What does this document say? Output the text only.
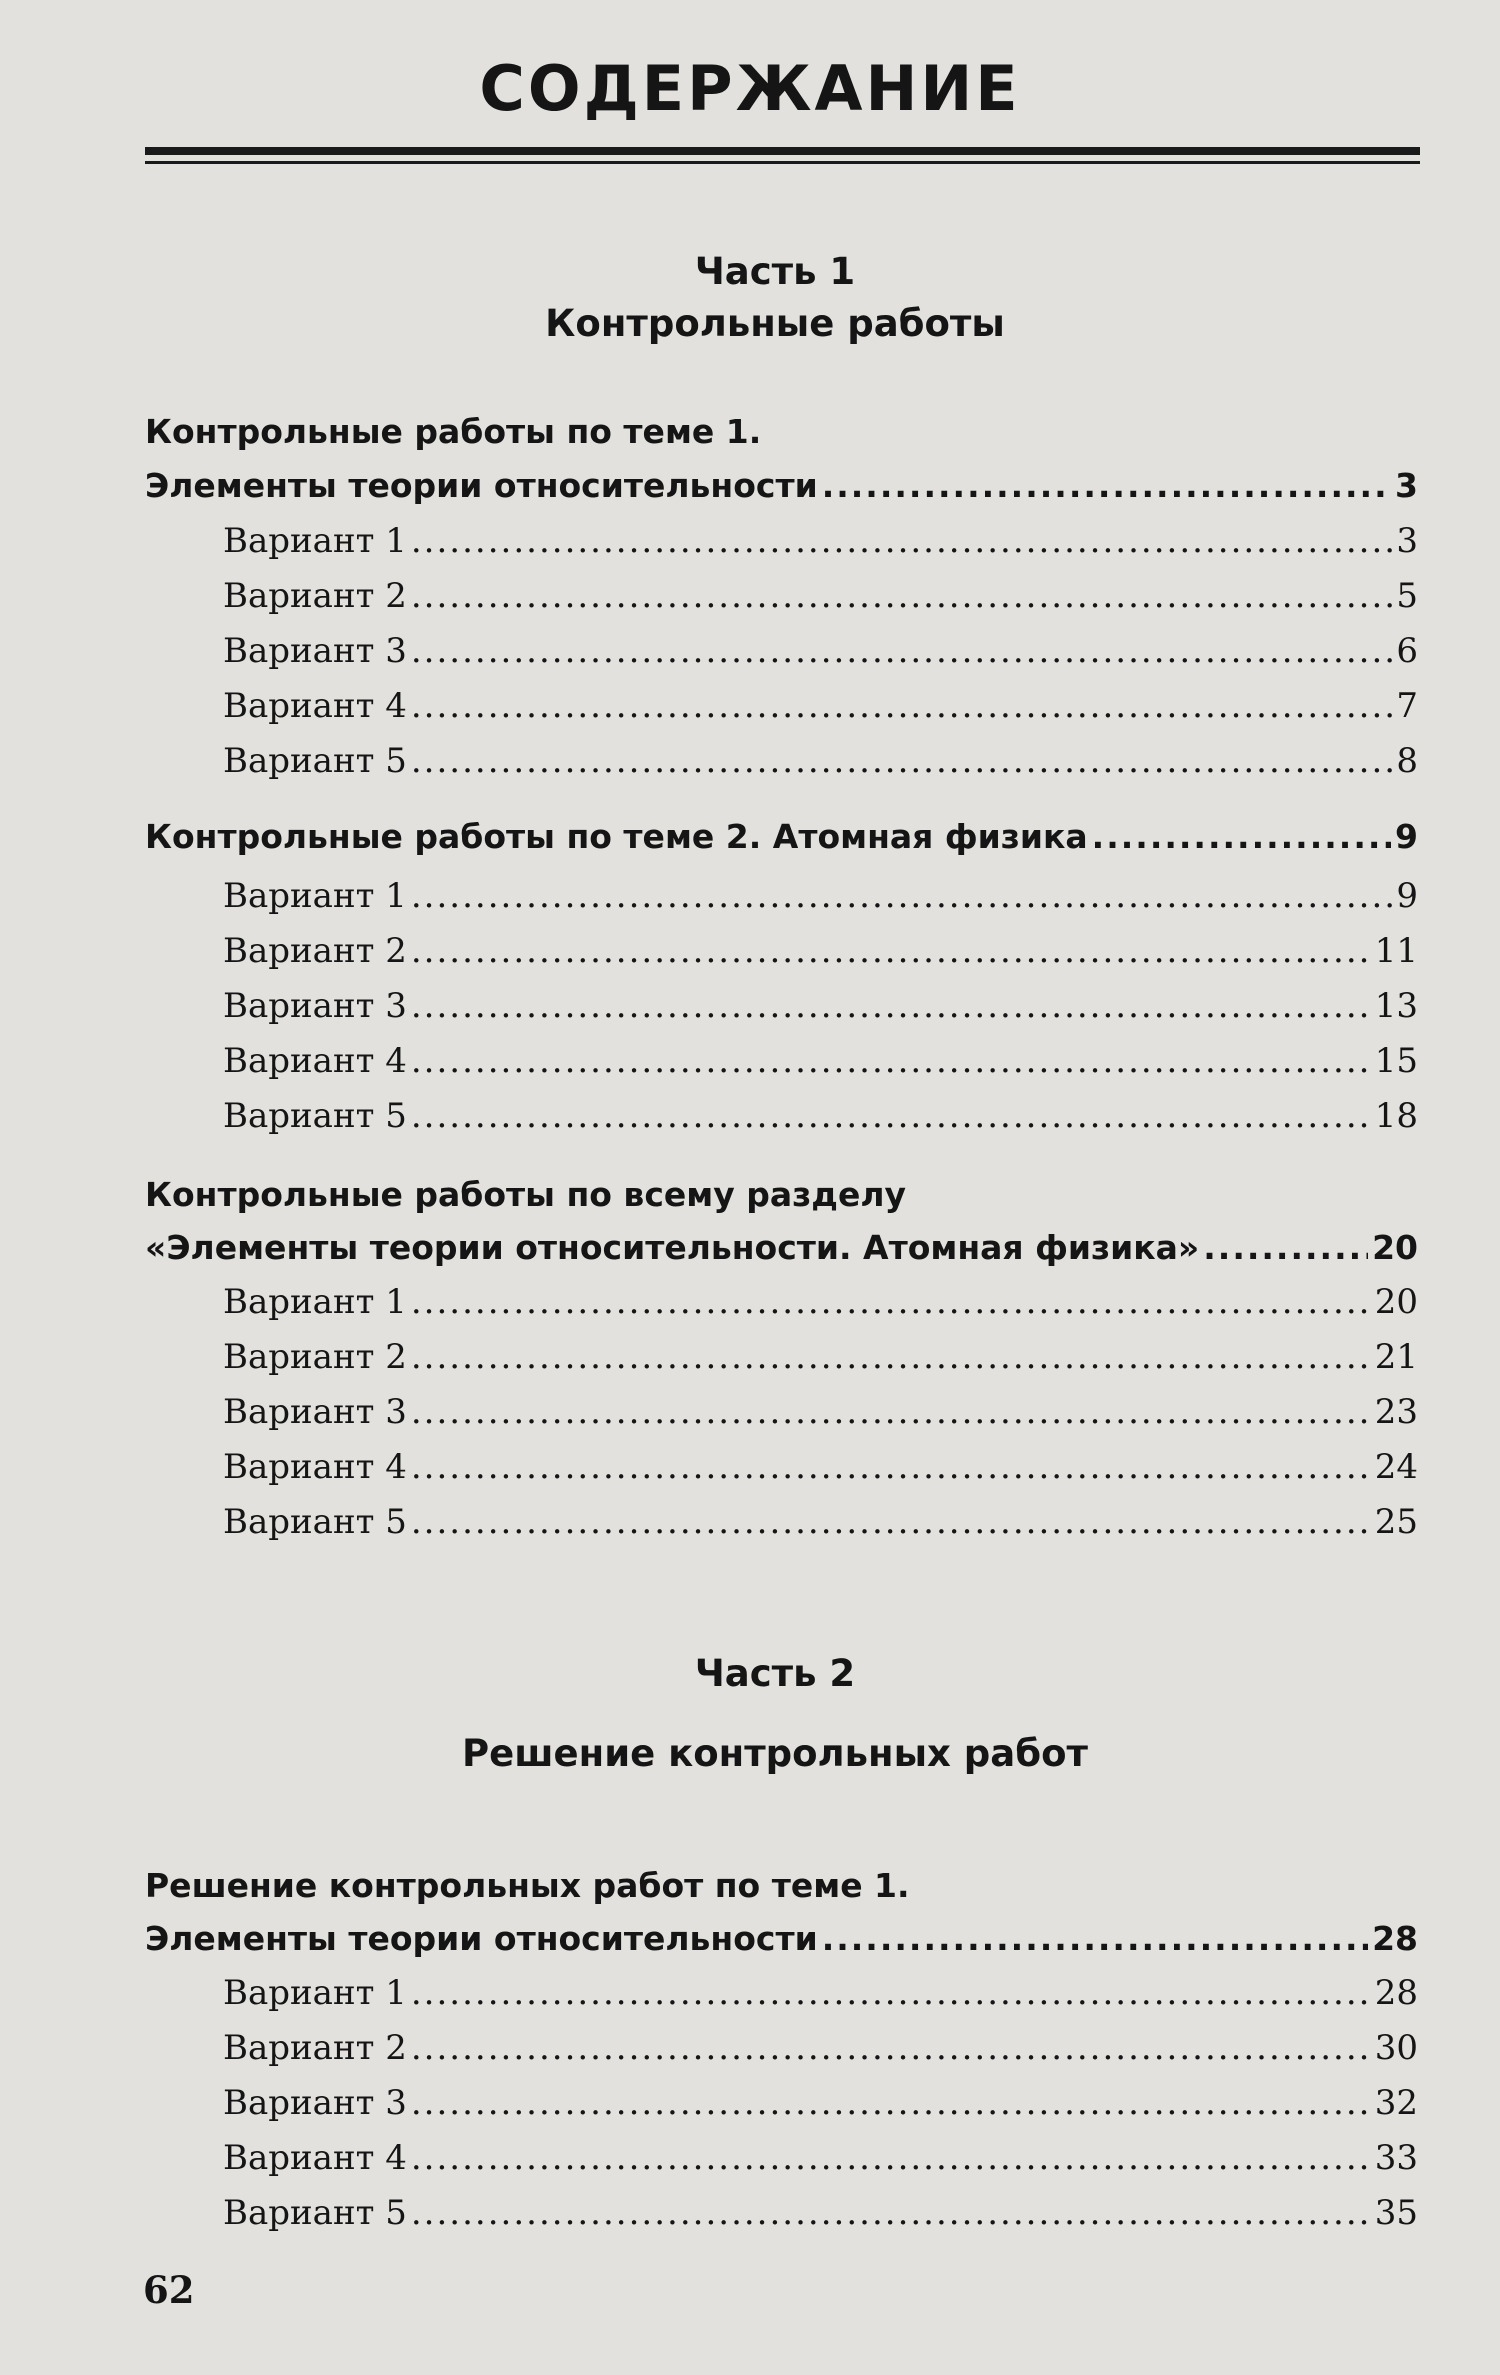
СОДЕРЖАНИЕ
Часть 1
Контрольные работы
Контрольные работы по теме 1.
Элементы теории относительности .....	3
Вариант 1 .....	3
Вариант 2 .....	5
Вариант 3 .....	6
Вариант 4 .....	7
Вариант 5 .....	8
Контрольные работы по теме 2. Атомная физика .....	9
Вариант 1 .....	9
Вариант 2 .....	11
Вариант 3 .....	13
Вариант 4 .....	15
Вариант 5 .....	18
Контрольные работы по всему разделу
«Элементы теории относительности. Атомная физика» .....	20
Вариант 1 .....	20
Вариант 2 .....	21
Вариант 3 .....	23
Вариант 4 .....	24
Вариант 5 .....	25
Часть 2
Решение контрольных работ
Решение контрольных работ по теме 1.
Элементы теории относительности .....	28
Вариант 1 .....	28
Вариант 2 .....	30
Вариант 3 .....	32
Вариант 4 .....	33
Вариант 5 .....	35
62
